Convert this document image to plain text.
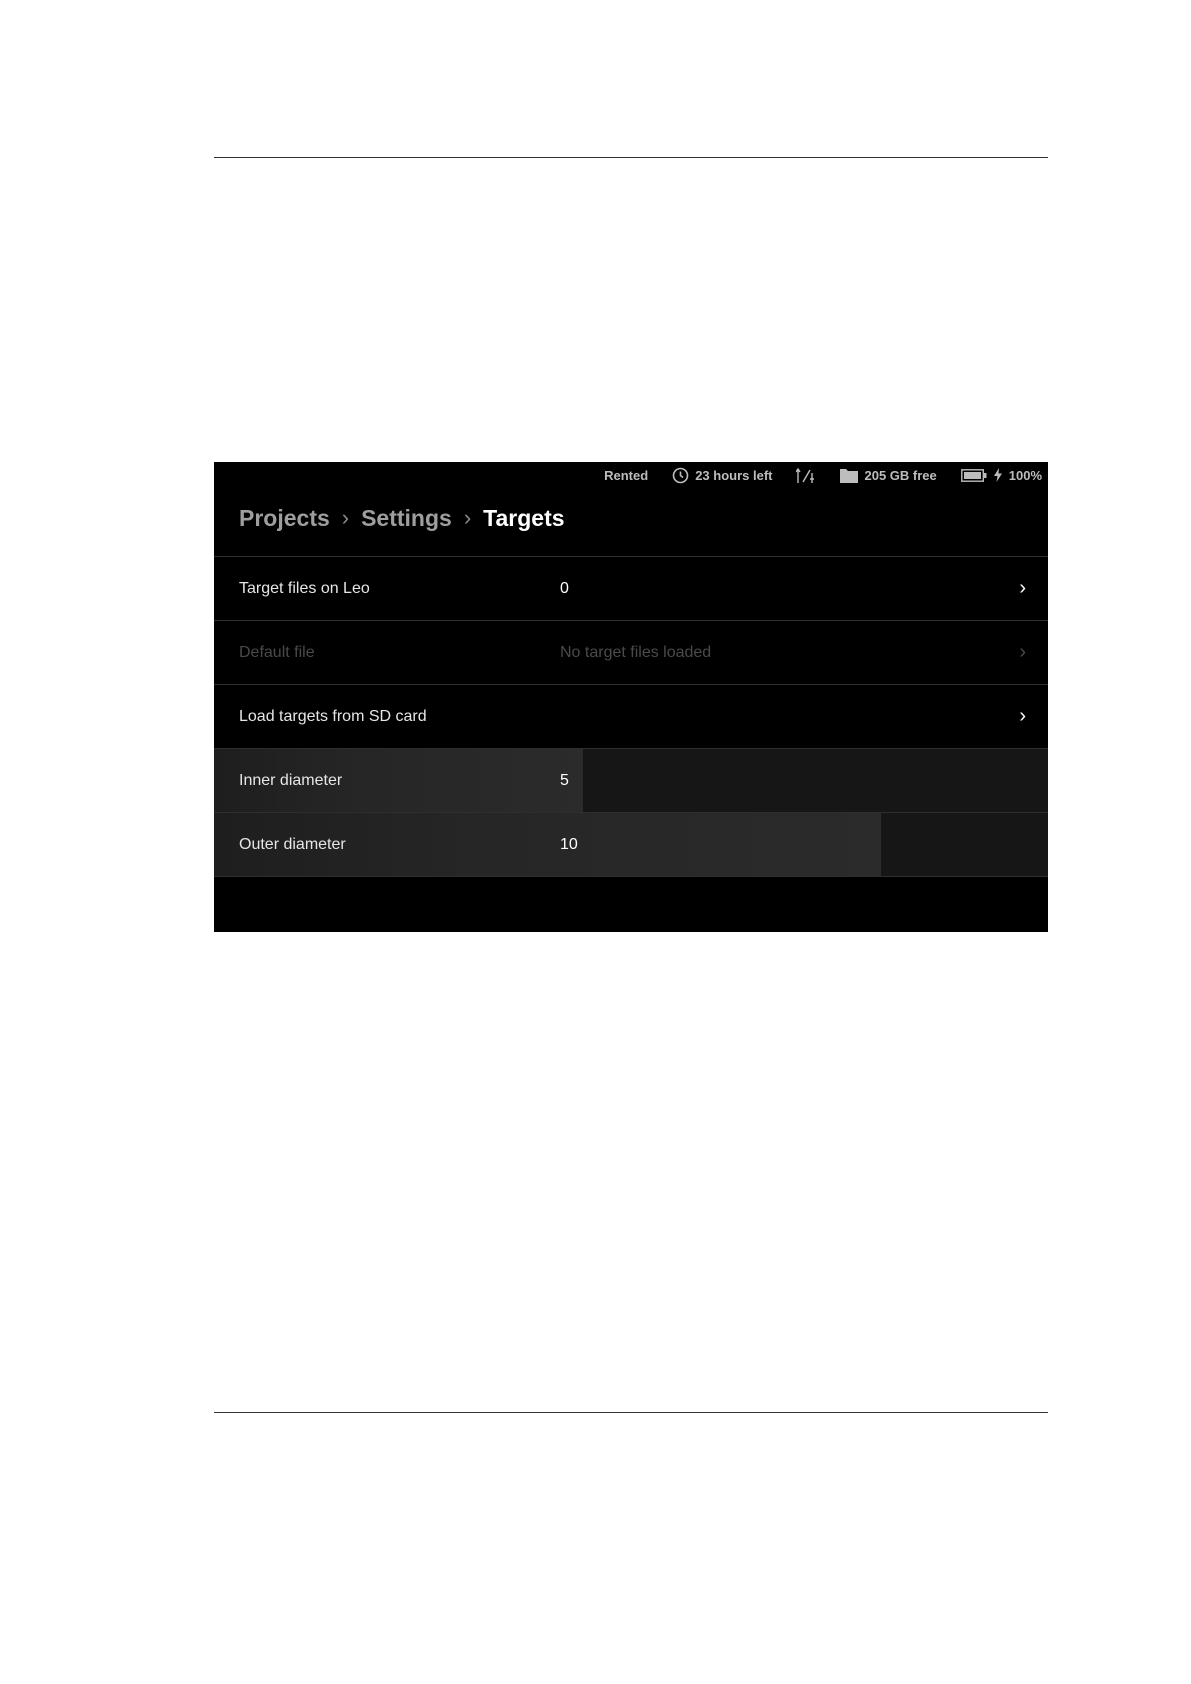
Rented	23 hours left	205 GB free	100%
Projects › Settings › Targets
Target files on Leo	0	›
Default file	No target files loaded	›
Load targets from SD card	›
Inner diameter	5
Outer diameter	10
